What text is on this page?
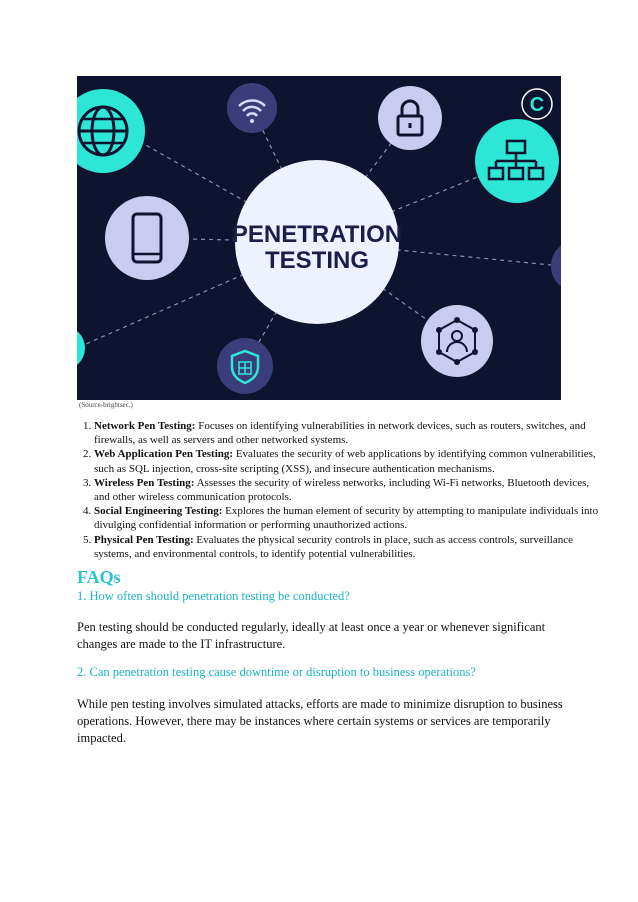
C
PENETRATION
TESTING
(Source-brightsec.)
1. Network Pen Testing: Focuses on identifying vulnerabilities in network devices, such as routers, switches, and firewalls, as well as servers and other networked systems.
2. Web Application Pen Testing: Evaluates the security of web applications by identifying common vulnerabilities, such as SQL injection, cross-site scripting (XSS), and insecure authentication mechanisms.
3. Wireless Pen Testing: Assesses the security of wireless networks, including Wi-Fi networks, Bluetooth devices, and other wireless communication protocols.
4. Social Engineering Testing: Explores the human element of security by attempting to manipulate individuals into divulging confidential information or performing unauthorized actions.
5. Physical Pen Testing: Evaluates the physical security controls in place, such as access controls, surveillance systems, and environmental controls, to identify potential vulnerabilities.
FAQs

1. How often should penetration testing be conducted?

Pen testing should be conducted regularly, ideally at least once a year or whenever significant changes are made to the IT infrastructure.

2. Can penetration testing cause downtime or disruption to business operations?

While pen testing involves simulated attacks, efforts are made to minimize disruption to business operations. However, there may be instances where certain systems or services are temporarily impacted.
